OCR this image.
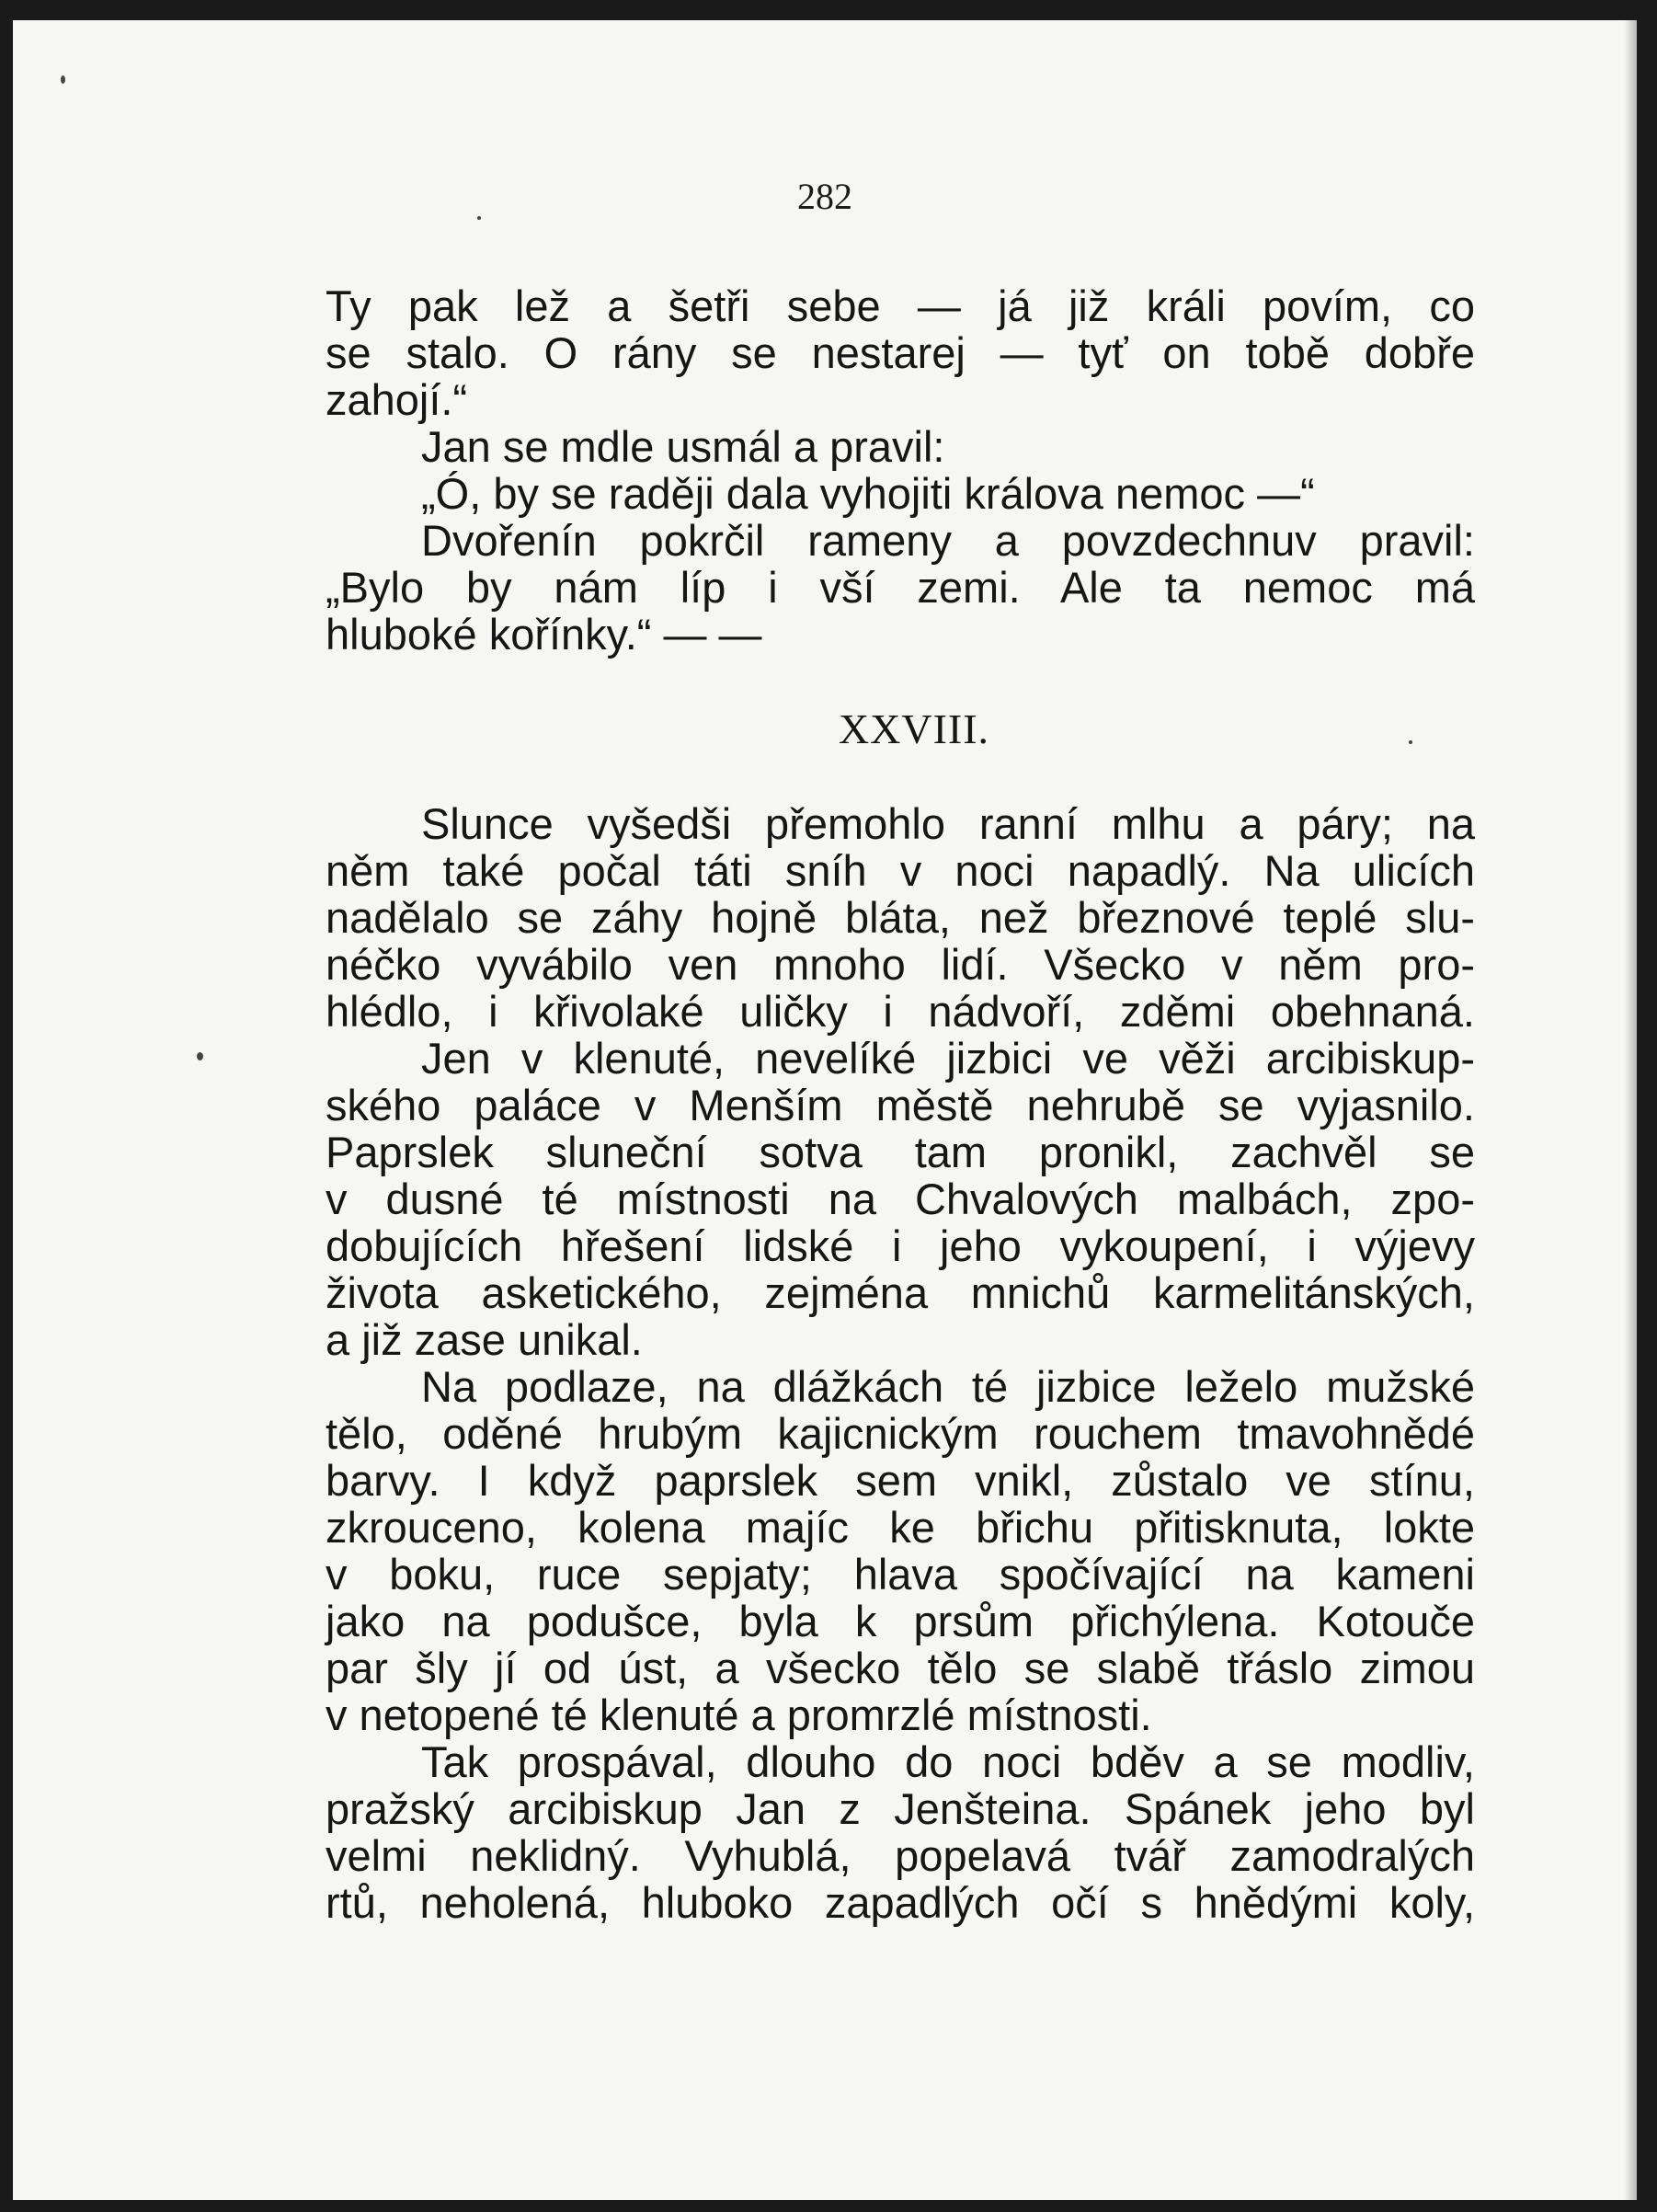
282
Ty pak lež a šetři sebe — já již králi povím, co
se stalo. O rány se nestarej — tyť on tobě dobře
zahojí.“
Jan se mdle usmál a pravil:
„Ó, by se raději dala vyhojiti králova nemoc —“
Dvořenín pokrčil rameny a povzdechnuv pravil:
„Bylo by nám líp i vší zemi. Ale ta nemoc má
hluboké kořínky.“ — —
XXVIII.
Slunce vyšedši přemohlo ranní mlhu a páry; na
něm také počal táti sníh v noci napadlý. Na ulicích
nadělalo se záhy hojně bláta, než březnové teplé slu-
néčko vyvábilo ven mnoho lidí. Všecko v něm pro-
hlédlo, i křivolaké uličky i nádvoří, zděmi obehnaná.
Jen v klenuté, nevelíké jizbici ve věži arcibiskup-
ského paláce v Menším městě nehrubě se vyjasnilo.
Paprslek sluneční sotva tam pronikl, zachvěl se
v dusné té místnosti na Chvalových malbách, zpo-
dobujících hřešení lidské i jeho vykoupení, i výjevy
života asketického, zejména mnichů karmelitánských,
a již zase unikal.
Na podlaze, na dlážkách té jizbice leželo mužské
tělo, oděné hrubým kajicnickým rouchem tmavohnědé
barvy. I když paprslek sem vnikl, zůstalo ve stínu,
zkrouceno, kolena majíc ke břichu přitisknuta, lokte
v boku, ruce sepjaty; hlava spočívající na kameni
jako na podušce, byla k prsům přichýlena. Kotouče
par šly jí od úst, a všecko tělo se slabě třáslo zimou
v netopené té klenuté a promrzlé místnosti.
Tak prospával, dlouho do noci bděv a se modliv,
pražský arcibiskup Jan z Jenšteina. Spánek jeho byl
velmi neklidný. Vyhublá, popelavá tvář zamodralých
rtů, neholená, hluboko zapadlých očí s hnědými koly,
